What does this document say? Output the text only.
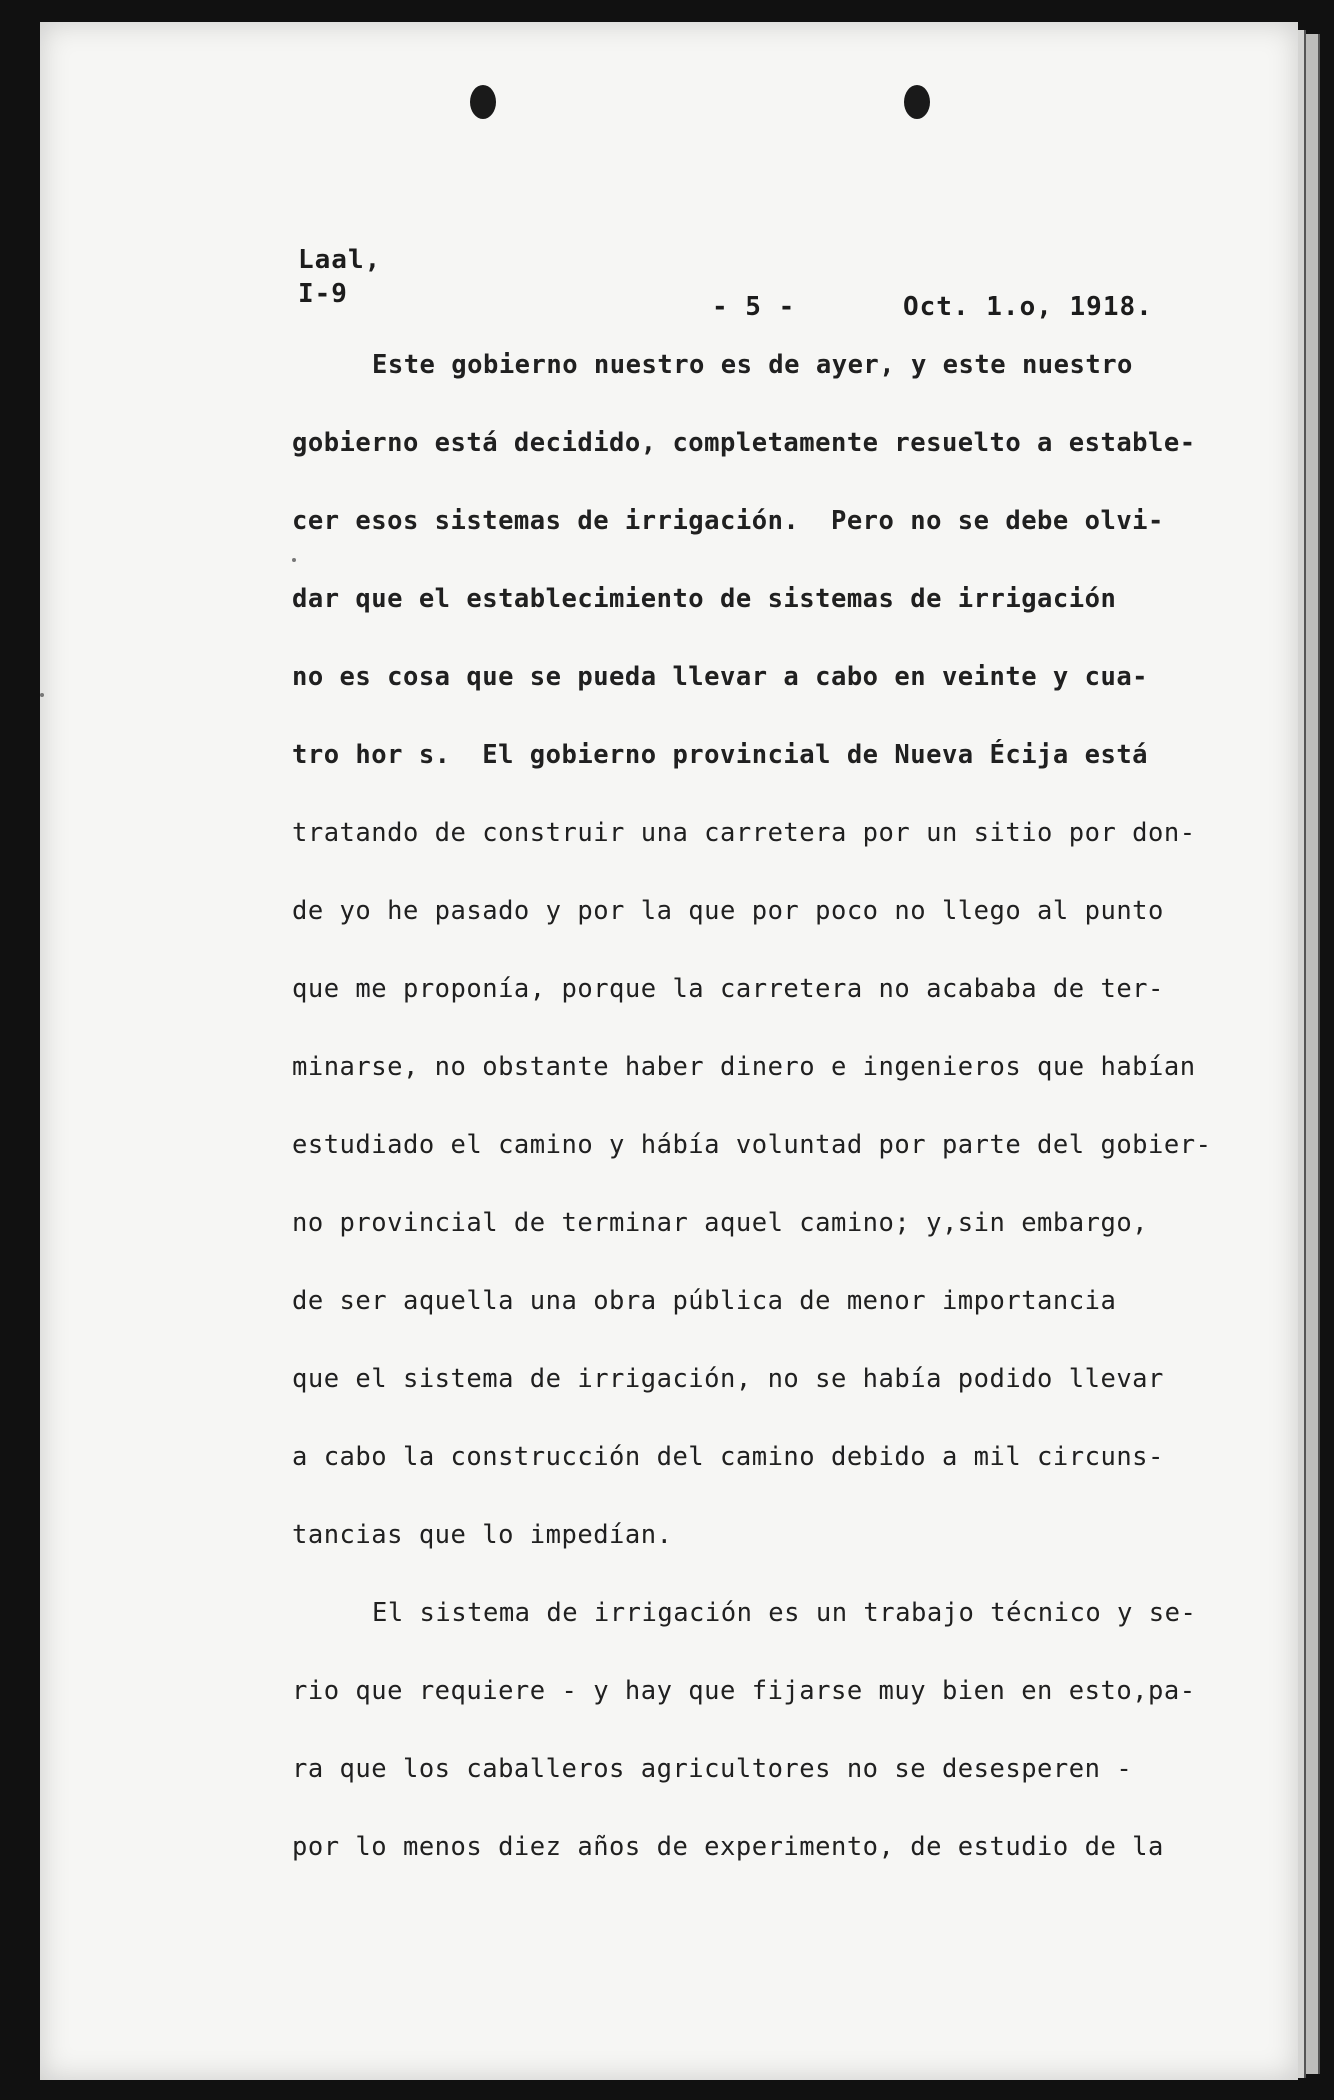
Laal,
I-9	- 5 -	Oct. 1.o, 1918.
Este gobierno nuestro es de ayer, y este nuestro
gobierno está decidido, completamente resuelto a estable-
cer esos sistemas de irrigación.  Pero no se debe olvi-
dar que el establecimiento de sistemas de irrigación
no es cosa que se pueda llevar a cabo en veinte y cua-
tro hor s.  El gobierno provincial de Nueva Écija está
tratando de construir una carretera por un sitio por don-
de yo he pasado y por la que por poco no llego al punto
que me proponía, porque la carretera no acababa de ter-
minarse, no obstante haber dinero e ingenieros que habían
estudiado el camino y hábía voluntad por parte del gobier-
no provincial de terminar aquel camino; y,sin embargo,
de ser aquella una obra pública de menor importancia
que el sistema de irrigación, no se había podido llevar
a cabo la construcción del camino debido a mil circuns-
tancias que lo impedían.
El sistema de irrigación es un trabajo técnico y se-
rio que requiere - y hay que fijarse muy bien en esto,pa-
ra que los caballeros agricultores no se desesperen -
por lo menos diez años de experimento, de estudio de la
